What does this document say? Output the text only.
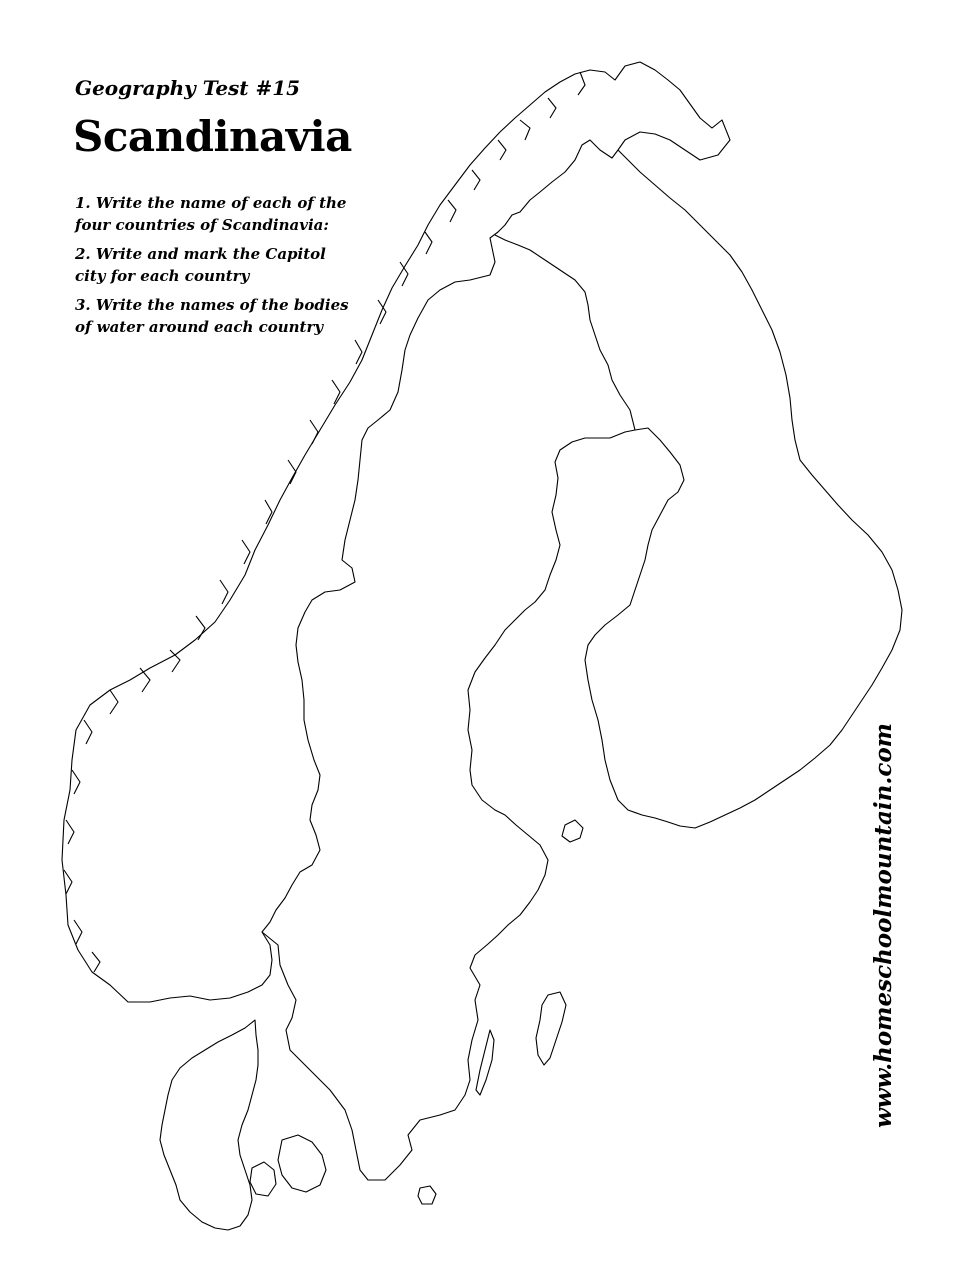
Geography Test #15
Scandinavia
1. Write the name of each of the four countries of Scandinavia:
2. Write and mark the Capitol city for each country
3. Write the names of the bodies of water around each country
www.homeschoolmountain.com
